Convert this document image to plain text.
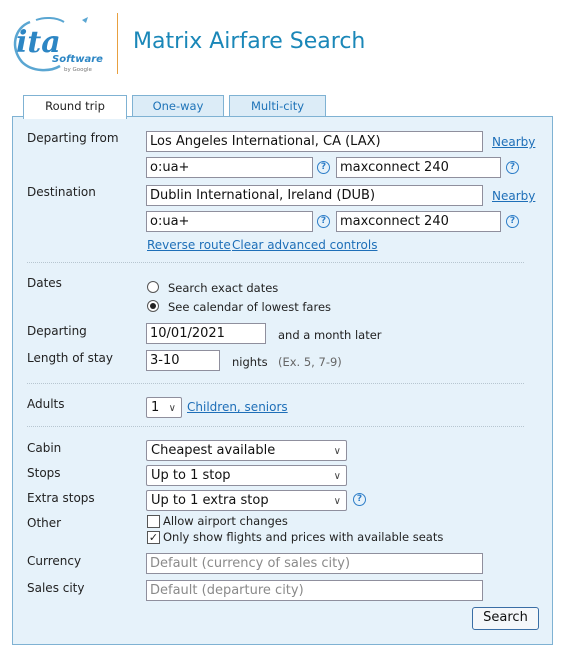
ita
Software
by Google
Matrix Airfare Search
Round trip	One-way	Multi-city
Departing from	Los Angeles International, CA (LAX)	Nearby
o:ua+	?	maxconnect 240	?
Destination	Dublin International, Ireland (DUB)	Nearby
o:ua+	?	maxconnect 240	?
Reverse route Clear advanced controls
Dates	Search exact dates
See calendar of lowest fares
Departing	10/01/2021	and a month later
Length of stay	3-10	nights (Ex. 5, 7-9)
Adults	1 ∨ Children, seniors
Cabin	Cheapest available	∨
Stops	Up to 1 stop	∨
Extra stops	Up to 1 extra stop	∨	?
Other	Allow airport changes
✓ Only show flights and prices with available seats
Currency	Default (currency of sales city)
Sales city	Default (departure city)
Search
